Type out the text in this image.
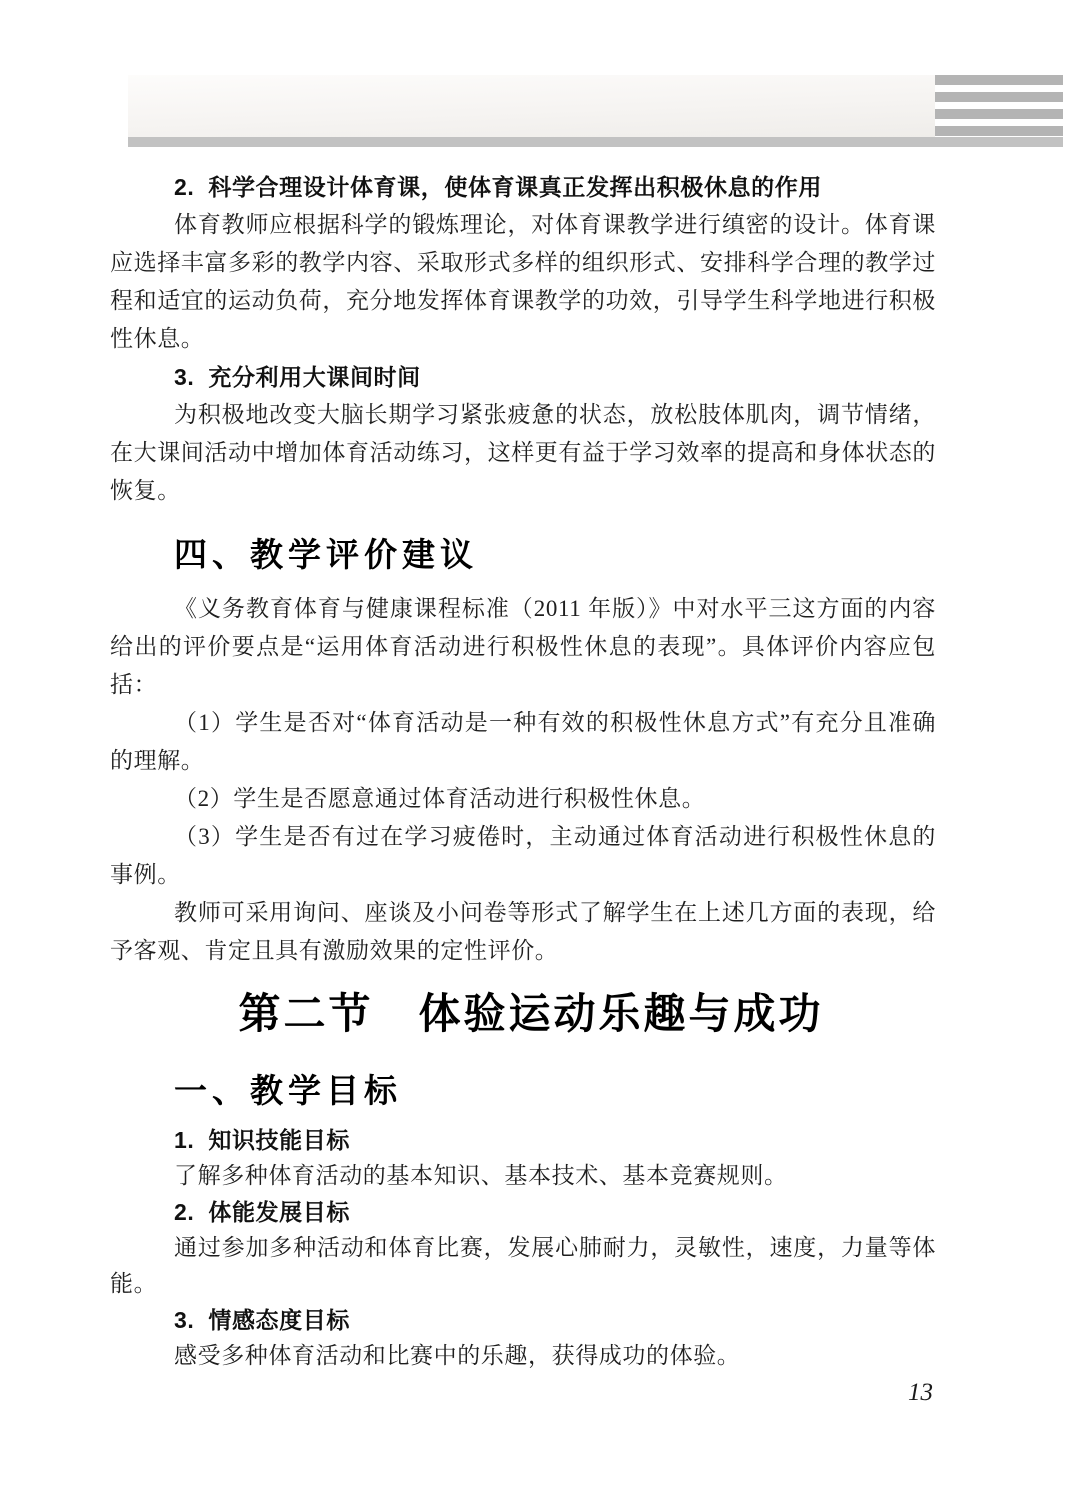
2.  科学合理设计体育课，使体育课真正发挥出积极休息的作用

体育教师应根据科学的锻炼理论，对体育课教学进行缜密的设计。体育课应选择丰富多彩的教学内容、采取形式多样的组织形式、安排科学合理的教学过程和适宜的运动负荷，充分地发挥体育课教学的功效，引导学生科学地进行积极性休息。

3.  充分利用大课间时间

为积极地改变大脑长期学习紧张疲惫的状态，放松肢体肌肉，调节情绪，在大课间活动中增加体育活动练习，这样更有益于学习效率的提高和身体状态的恢复。

四、教学评价建议

《义务教育体育与健康课程标准（2011 年版）》中对水平三这方面的内容给出的评价要点是“运用体育活动进行积极性休息的表现”。具体评价内容应包括：

（1）学生是否对“体育活动是一种有效的积极性休息方式”有充分且准确的理解。

（2）学生是否愿意通过体育活动进行积极性休息。

（3）学生是否有过在学习疲倦时，主动通过体育活动进行积极性休息的事例。

教师可采用询问、座谈及小问卷等形式了解学生在上述几方面的表现，给予客观、肯定且具有激励效果的定性评价。

第二节　体验运动乐趣与成功
一、教学目标
1.  知识技能目标

了解多种体育活动的基本知识、基本技术、基本竞赛规则。

2.  体能发展目标

通过参加多种活动和体育比赛，发展心肺耐力，灵敏性，速度，力量等体能。

3.  情感态度目标

感受多种体育活动和比赛中的乐趣，获得成功的体验。

13
